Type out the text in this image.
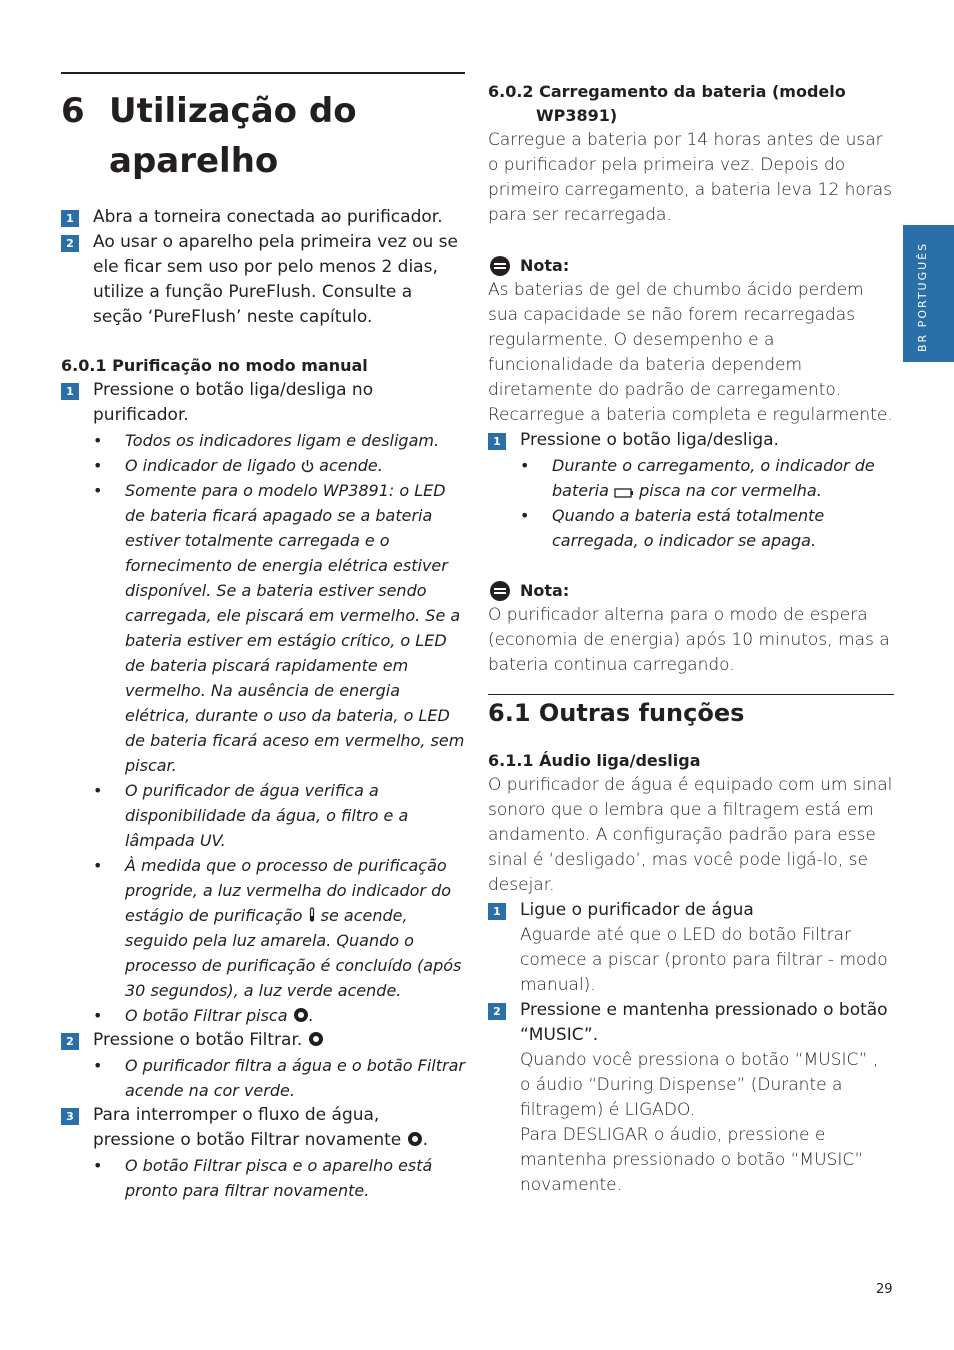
6 Utilização do aparelho
1	Abra a torneira conectada ao purificador.
2	Ao usar o aparelho pela primeira vez ou se ele ficar sem uso por pelo menos 2 dias, utilize a função PureFlush. Consulte a seção ‘PureFlush’ neste capítulo.
6.0.1 Purificação no modo manual
1	Pressione o botão liga/desliga no purificador.
• Todos os indicadores ligam e desligam.
• O indicador de ligado acende.
• Somente para o modelo WP3891: o LED de bateria ficará apagado se a bateria estiver totalmente carregada e o fornecimento de energia elétrica estiver disponível. Se a bateria estiver sendo carregada, ele piscará em vermelho. Se a bateria estiver em estágio crítico, o LED de bateria piscará rapidamente em vermelho. Na ausência de energia elétrica, durante o uso da bateria, o LED de bateria ficará aceso em vermelho, sem piscar.
• O purificador de água verifica a disponibilidade da água, o filtro e a lâmpada UV.
• À medida que o processo de purificação progride, a luz vermelha do indicador do estágio de purificação se acende, seguido pela luz amarela. Quando o processo de purificação é concluído (após 30 segundos), a luz verde acende.
• O botão Filtrar pisca .
2	Pressione o botão Filtrar.
• O purificador filtra a água e o botão Filtrar acende na cor verde.
3	Para interromper o fluxo de água, pressione o botão Filtrar novamente .
• O botão Filtrar pisca e o aparelho está pronto para filtrar novamente.
6.0.2 Carregamento da bateria (modelo
WP3891)

Carregue a bateria por 14 horas antes de usar o purificador pela primeira vez. Depois do primeiro carregamento, a bateria leva 12 horas para ser recarregada.

Nota:

As baterias de gel de chumbo ácido perdem sua capacidade se não forem recarregadas regularmente. O desempenho e a funcionalidade da bateria dependem diretamente do padrão de carregamento. Recarregue a bateria completa e regularmente.

1	Pressione o botão liga/desliga.
• Durante o carregamento, o indicador de bateria pisca na cor vermelha.
• Quando a bateria está totalmente carregada, o indicador se apaga.
Nota:

O purificador alterna para o modo de espera (economia de energia) após 10 minutos, mas a bateria continua carregando.

6.1 Outras funções
6.1.1 Áudio liga/desliga

O purificador de água é equipado com um sinal sonoro que o lembra que a filtragem está em andamento. A configuração padrão para esse sinal é ‘desligado’, mas você pode ligá-lo, se desejar.

1	Ligue o purificador de água

Aguarde até que o LED do botão Filtrar comece a piscar (pronto para filtrar - modo manual).

2	Pressione e mantenha pressionado o botão “MUSIC”.

Quando você pressiona o botão “MUSIC” , o áudio “During Dispense” (Durante a filtragem) é LIGADO.

Para DESLIGAR o áudio, pressione e mantenha pressionado o botão “MUSIC” novamente.

BR PORTUGUÊS
29
